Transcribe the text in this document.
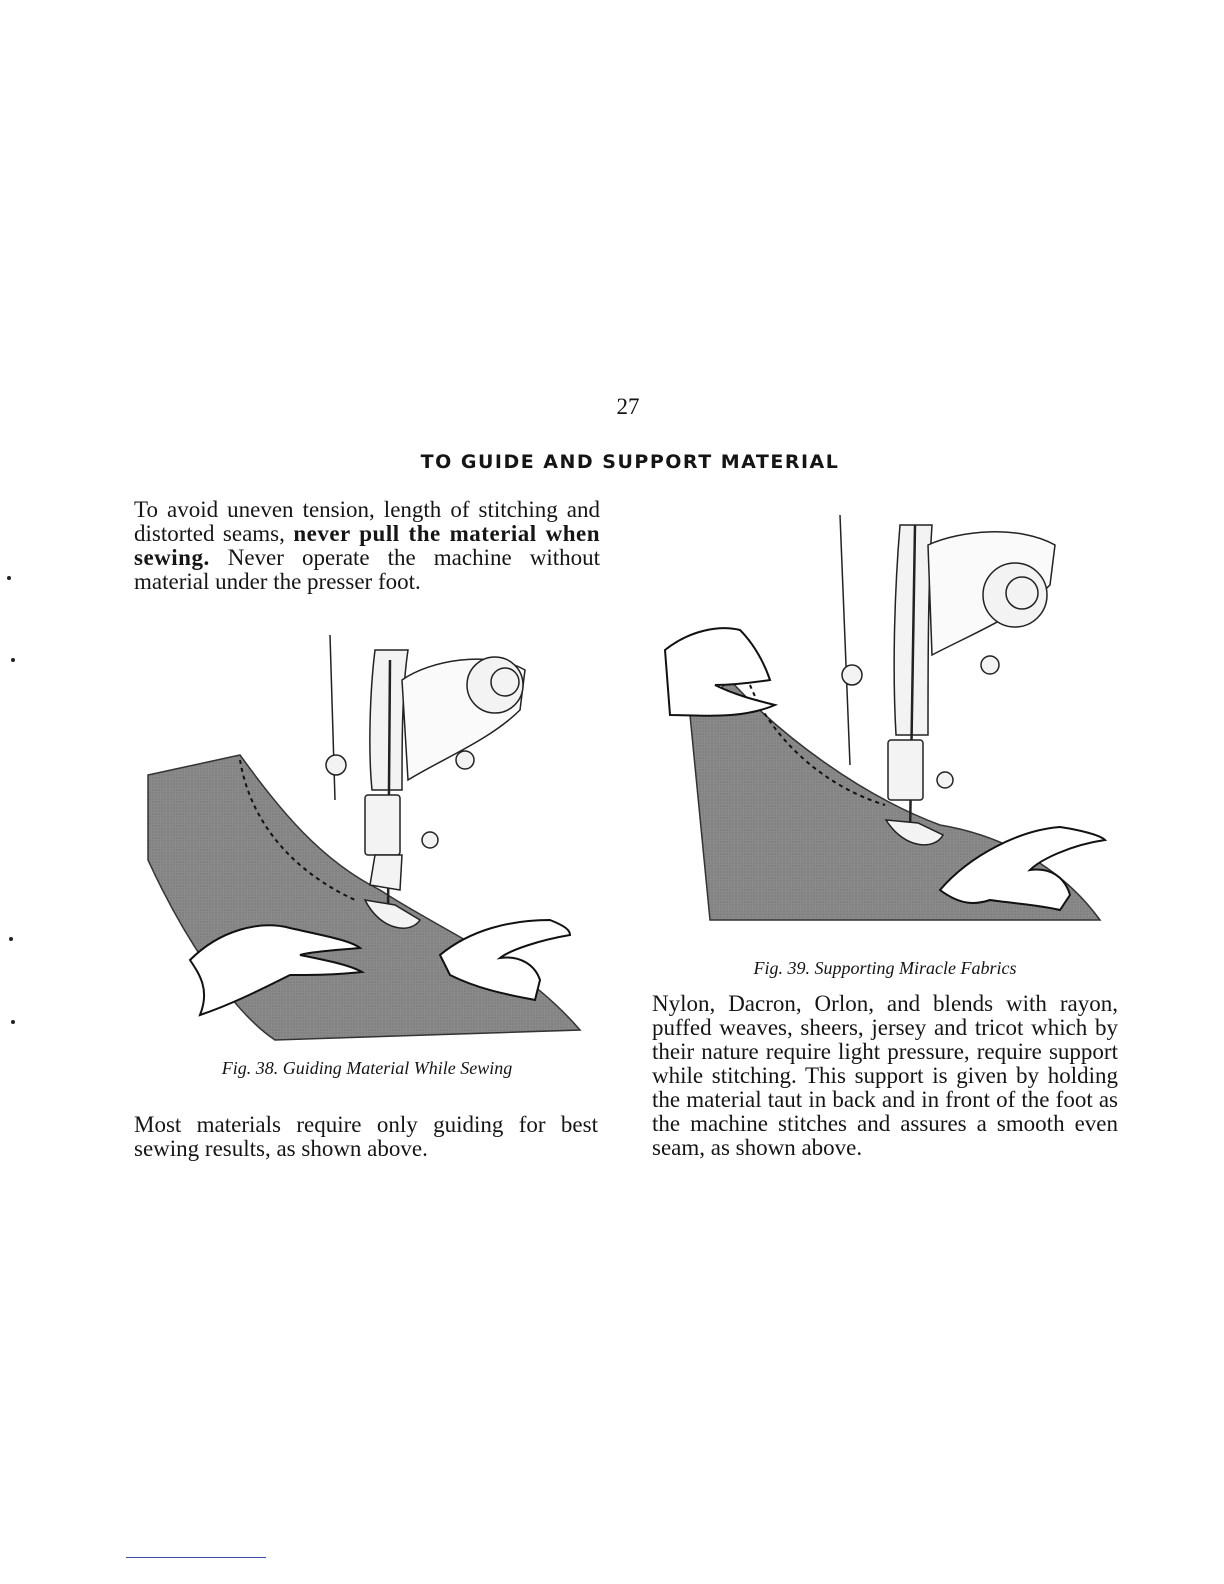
27
TO GUIDE AND SUPPORT MATERIAL

To avoid uneven tension, length of stitching and distorted seams, never pull the material when sewing. Never operate the machine without material under the presser foot.

Fig. 38. Guiding Material While Sewing
Most materials require only guiding for best sewing results, as shown above.
Fig. 39. Supporting Miracle Fabrics
Nylon, Dacron, Orlon, and blends with rayon, puffed weaves, sheers, jersey and tricot which by their nature require light pressure, require support while stitching. This support is given by holding the material taut in back and in front of the foot as the machine stitches and assures a smooth even seam, as shown above.
